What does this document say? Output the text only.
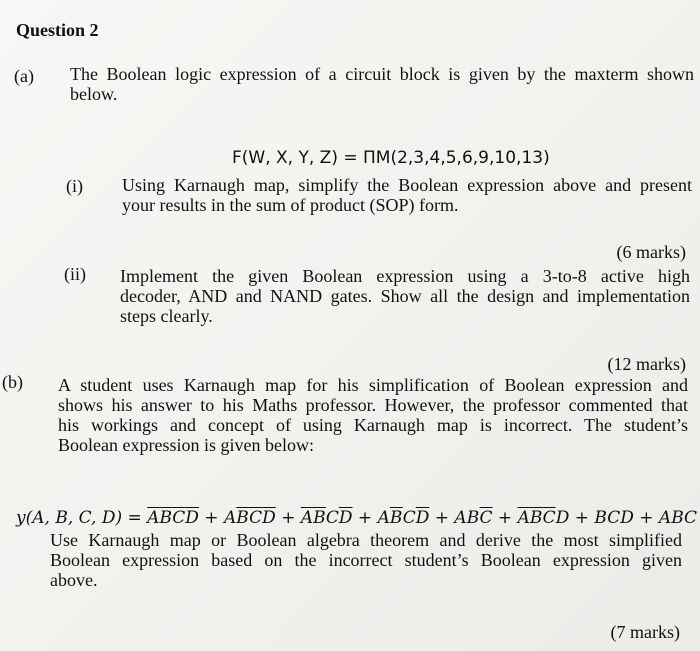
Question 2
(a) The Boolean logic expression of a circuit block is given by the maxterm shown
below.
F(W, X, Y, Z) = ΠM(2,3,4,5,6,9,10,13)
(i) Using Karnaugh map, simplify the Boolean expression above and present
your results in the sum of product (SOP) form.
(6 marks)
(ii) Implement the given Boolean expression using a 3-to-8 active high
decoder, AND and NAND gates. Show all the design and implementation
steps clearly.
(12 marks)
(b) A student uses Karnaugh map for his simplification of Boolean expression and
shows his answer to his Maths professor. However, the professor commented that
his workings and concept of using Karnaugh map is incorrect. The student’s
Boolean expression is given below:
y(A, B, C, $D) = \overline{A}\overline{B}\overline{C}\overline{D} + A\overline{B}\overline{C}\overline{D} + \overline{A}\overline{B}C\overline{D} + A\overline{B}C\overline{D} + AB\overline{C} + \overline{A}\overline{B}\overline{C}D$ + BCD + ABC
Use Karnaugh map or Boolean algebra theorem and derive the most simplified
Boolean expression based on the incorrect student’s Boolean expression given
above.
(7 marks)
